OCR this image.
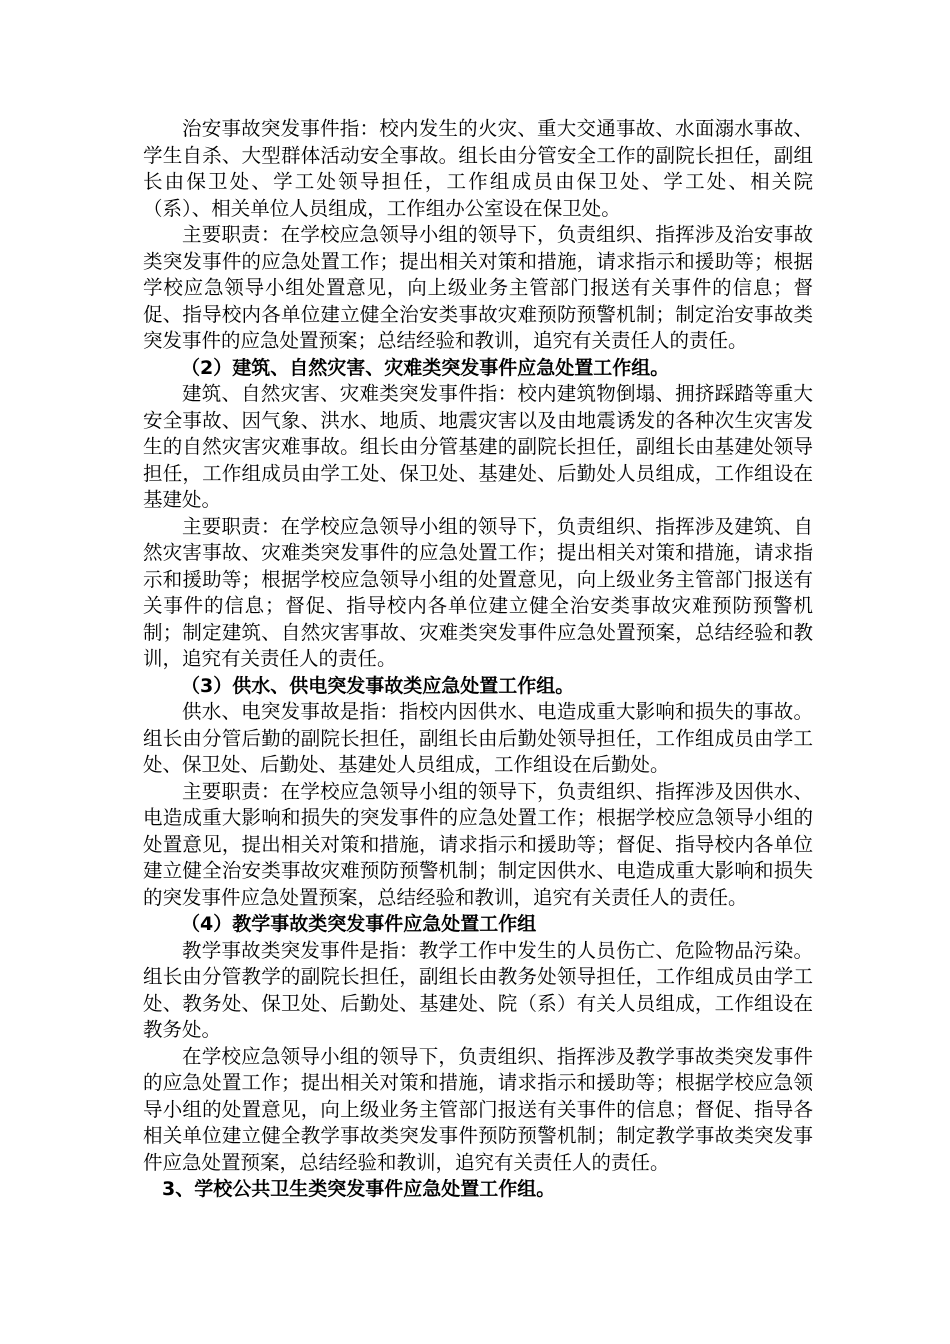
治安事故突发事件指：校内发生的火灾、重大交通事故、水面溺水事故、学生自杀、大型群体活动安全事故。组长由分管安全工作的副院长担任，副组长由保卫处、学工处领导担任，工作组成员由保卫处、学工处、相关院（系）、相关单位人员组成，工作组办公室设在保卫处。

主要职责：在学校应急领导小组的领导下，负责组织、指挥涉及治安事故类突发事件的应急处置工作；提出相关对策和措施，请求指示和援助等；根据学校应急领导小组处置意见，向上级业务主管部门报送有关事件的信息；督促、指导校内各单位建立健全治安类事故灾难预防预警机制；制定治安事故类突发事件的应急处置预案；总结经验和教训，追究有关责任人的责任。

（2）建筑、自然灾害、灾难类突发事件应急处置工作组。

建筑、自然灾害、灾难类突发事件指：校内建筑物倒塌、拥挤踩踏等重大安全事故、因气象、洪水、地质、地震灾害以及由地震诱发的各种次生灾害发生的自然灾害灾难事故。组长由分管基建的副院长担任，副组长由基建处领导担任，工作组成员由学工处、保卫处、基建处、后勤处人员组成，工作组设在基建处。

主要职责：在学校应急领导小组的领导下，负责组织、指挥涉及建筑、自然灾害事故、灾难类突发事件的应急处置工作；提出相关对策和措施，请求指示和援助等；根据学校应急领导小组的处置意见，向上级业务主管部门报送有关事件的信息；督促、指导校内各单位建立健全治安类事故灾难预防预警机制；制定建筑、自然灾害事故、灾难类突发事件应急处置预案，总结经验和教训，追究有关责任人的责任。

（3）供水、供电突发事故类应急处置工作组。

供水、电突发事故是指：指校内因供水、电造成重大影响和损失的事故。组长由分管后勤的副院长担任，副组长由后勤处领导担任，工作组成员由学工处、保卫处、后勤处、基建处人员组成，工作组设在后勤处。

主要职责：在学校应急领导小组的领导下，负责组织、指挥涉及因供水、电造成重大影响和损失的突发事件的应急处置工作；根据学校应急领导小组的处置意见，提出相关对策和措施，请求指示和援助等；督促、指导校内各单位建立健全治安类事故灾难预防预警机制；制定因供水、电造成重大影响和损失的突发事件应急处置预案，总结经验和教训，追究有关责任人的责任。

（4）教学事故类突发事件应急处置工作组

教学事故类突发事件是指：教学工作中发生的人员伤亡、危险物品污染。组长由分管教学的副院长担任，副组长由教务处领导担任，工作组成员由学工处、教务处、保卫处、后勤处、基建处、院（系）有关人员组成，工作组设在教务处。

在学校应急领导小组的领导下，负责组织、指挥涉及教学事故类突发事件的应急处置工作；提出相关对策和措施，请求指示和援助等；根据学校应急领导小组的处置意见，向上级业务主管部门报送有关事件的信息；督促、指导各相关单位建立健全教学事故类突发事件预防预警机制；制定教学事故类突发事件应急处置预案，总结经验和教训，追究有关责任人的责任。

3、学校公共卫生类突发事件应急处置工作组。
